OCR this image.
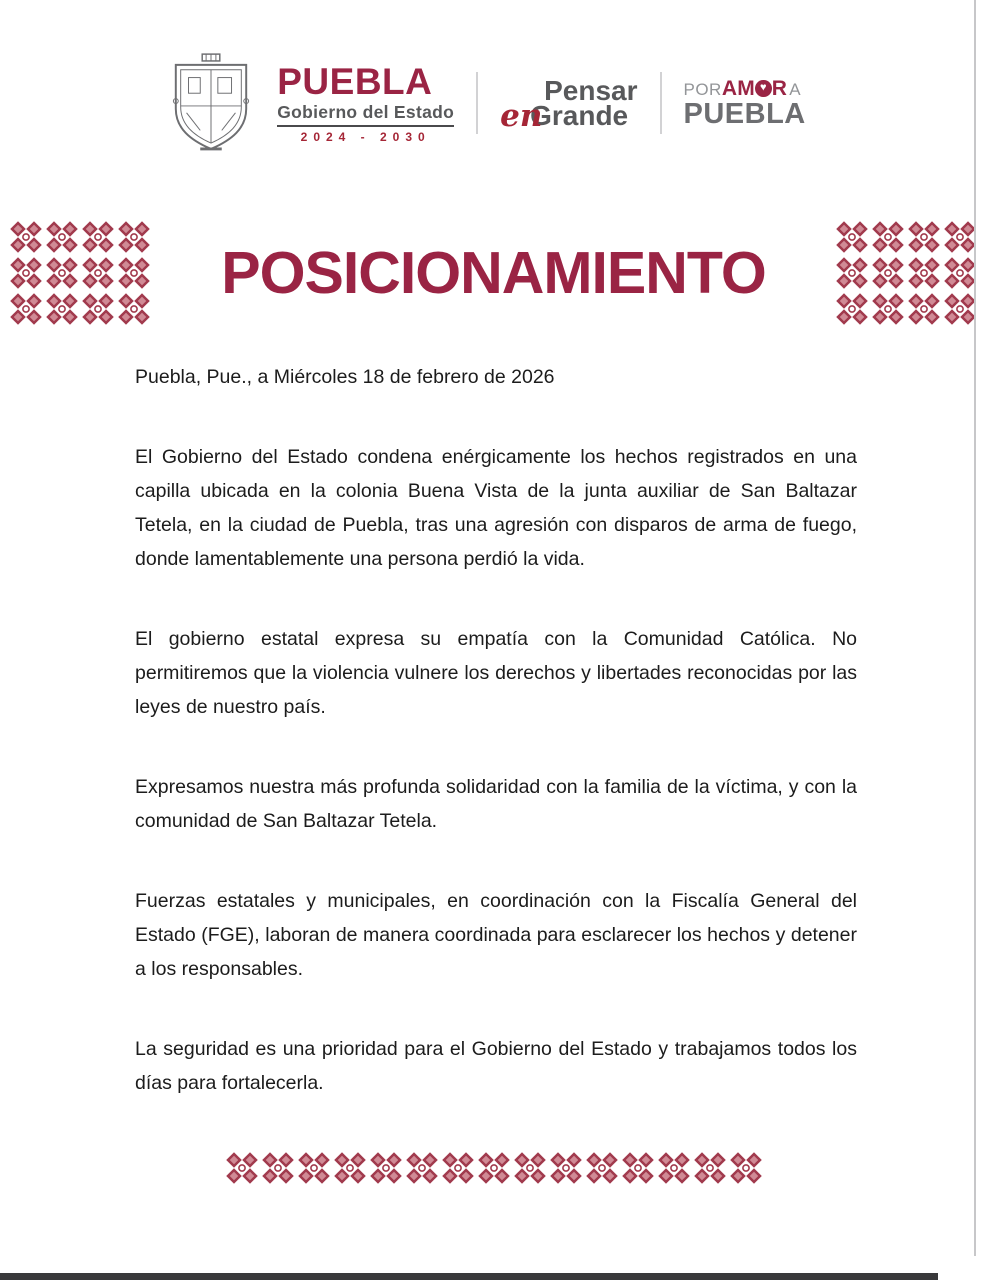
PUEBLA
Gobierno del Estado
2024 - 2030
Pensar
Grande
en
POR AM ♥ R A
PUEBLA
POSICIONAMIENTO

Puebla, Pue., a Miércoles 18 de febrero de 2026

El Gobierno del Estado condena enérgicamente los hechos registrados en una capilla ubicada en la colonia Buena Vista de la junta auxiliar de San Baltazar Tetela, en la ciudad de Puebla, tras una agresión con disparos de arma de fuego, donde lamentablemente una persona perdió la vida.

El gobierno estatal expresa su empatía con la Comunidad Católica. No permitiremos que la violencia vulnere los derechos y libertades reconocidas por las leyes de nuestro país.

Expresamos nuestra más profunda solidaridad con la familia de la víctima, y con la comunidad de San Baltazar Tetela.

Fuerzas estatales y municipales, en coordinación con la Fiscalía General del Estado (FGE), laboran de manera coordinada para esclarecer los hechos y detener a los responsables.

La seguridad es una prioridad para el Gobierno del Estado y trabajamos todos los días para fortalecerla.
